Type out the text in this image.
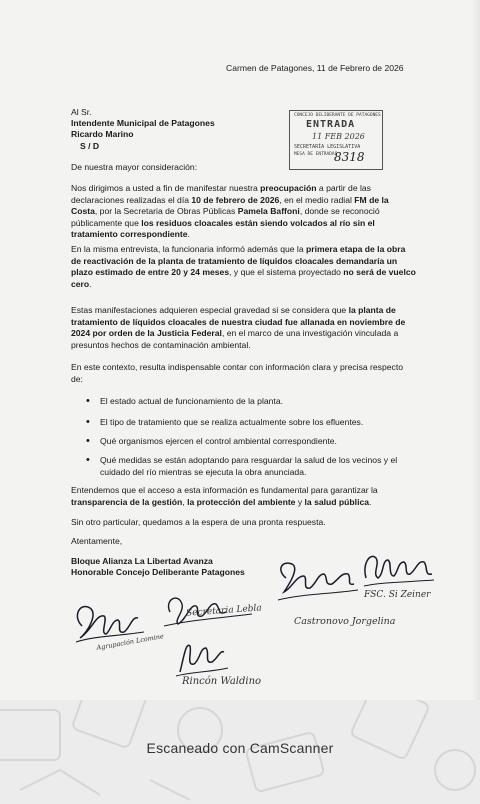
Carmen de Patagones, 11 de Febrero de 2026
Al Sr.
Intendente Municipal de Patagones
Ricardo Marino
S / D
CONCEJO DELIBERANTE DE PATAGONES
ENTRADA
11 FEB 2026
SECRETARÍA LEGISLATIVA
MESA DE ENTRADAS
8318
De nuestra mayor consideración:
Nos dirigimos a usted a fin de manifestar nuestra preocupación a partir de las declaraciones realizadas el día 10 de febrero de 2026, en el medio radial FM de la Costa, por la Secretaria de Obras Públicas Pamela Baffoni, donde se reconoció públicamente que los residuos cloacales están siendo volcados al río sin el tratamiento correspondiente.
En la misma entrevista, la funcionaria informó además que la primera etapa de la obra de reactivación de la planta de tratamiento de líquidos cloacales demandaría un plazo estimado de entre 20 y 24 meses, y que el sistema proyectado no será de vuelco cero.
Estas manifestaciones adquieren especial gravedad si se considera que la planta de tratamiento de líquidos cloacales de nuestra ciudad fue allanada en noviembre de 2024 por orden de la Justicia Federal, en el marco de una investigación vinculada a presuntos hechos de contaminación ambiental.
En este contexto, resulta indispensable contar con información clara y precisa respecto de:
• El estado actual de funcionamiento de la planta.
• El tipo de tratamiento que se realiza actualmente sobre los efluentes.
• Qué organismos ejercen el control ambiental correspondiente.
• Qué medidas se están adoptando para resguardar la salud de los vecinos y el cuidado del río mientras se ejecuta la obra anunciada.
Entendemos que el acceso a esta información es fundamental para garantizar la transparencia de la gestión, la protección del ambiente y la salud pública.
Sin otro particular, quedamos a la espera de una pronta respuesta.
Atentamente,
Bloque Alianza La Libertad Avanza
Honorable Concejo Deliberante Patagones
Agrupación Lcomine
Secretaria Lebla
Castronovo Jorgelina
FSC. Si Zeiner
Rincón Waldino
Escaneado con CamScanner
